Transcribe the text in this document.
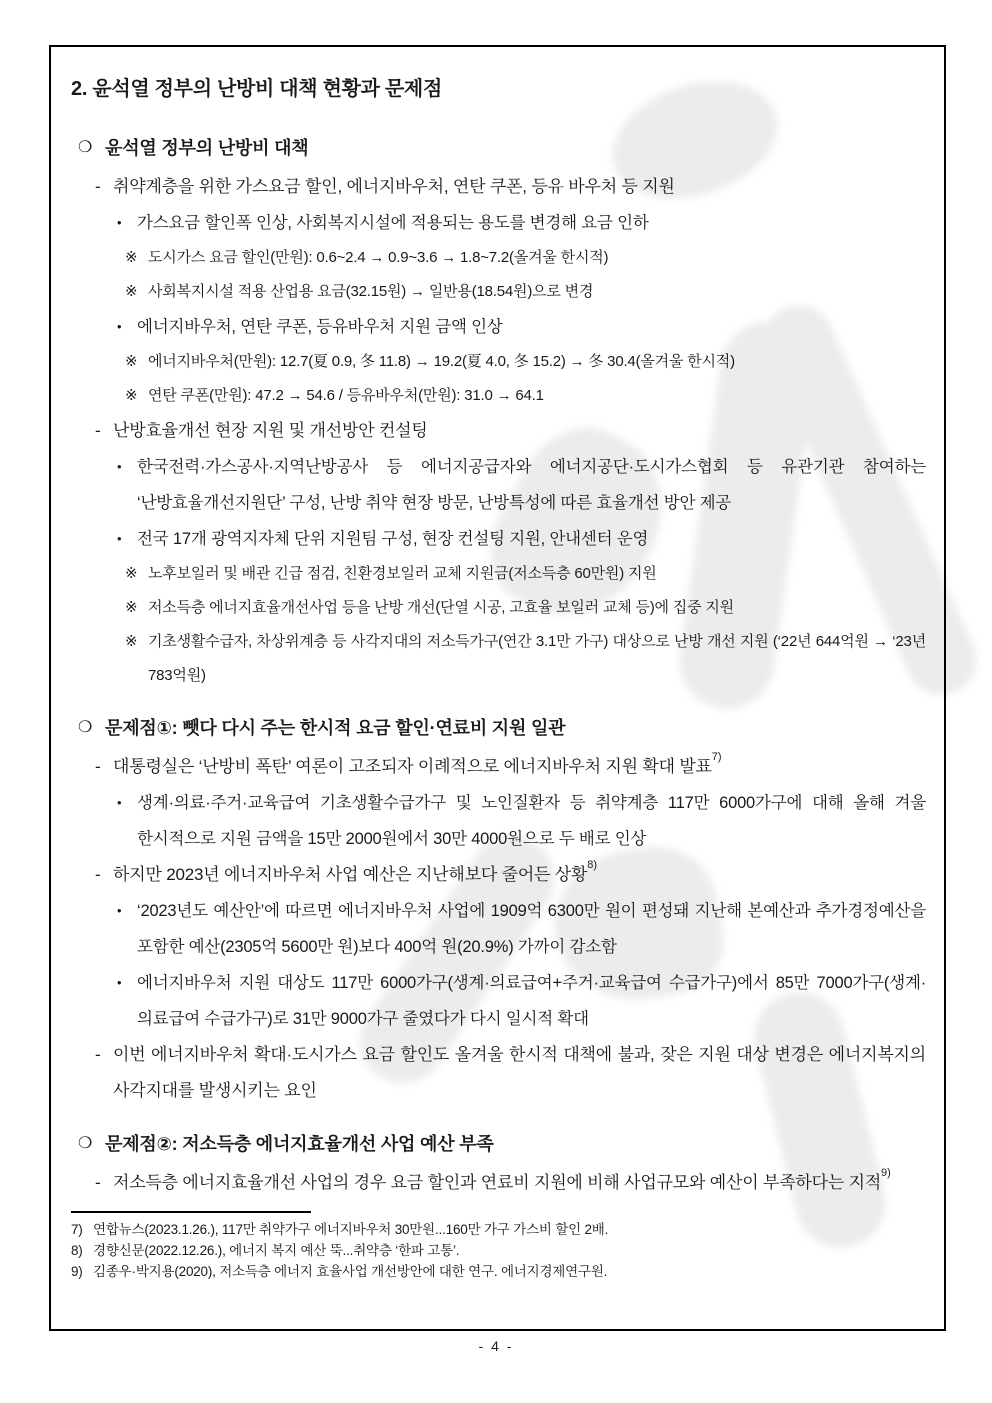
2. 윤석열 정부의 난방비 대책 현황과 문제점
❍ 윤석열 정부의 난방비 대책
- 취약계층을 위한 가스요금 할인, 에너지바우처, 연탄 쿠폰, 등유 바우처 등 지원
• 가스요금 할인폭 인상, 사회복지시설에 적용되는 용도를 변경해 요금 인하
※ 도시가스 요금 할인(만원): 0.6~2.4 → 0.9~3.6 → 1.8~7.2(올겨울 한시적)
※ 사회복지시설 적용 산업용 요금(32.15원) → 일반용(18.54원)으로 변경
• 에너지바우처, 연탄 쿠폰, 등유바우처 지원 금액 인상
※ 에너지바우처(만원): 12.7(夏 0.9, 冬 11.8) → 19.2(夏 4.0, 冬 15.2) → 冬 30.4(올겨울 한시적)
※ 연탄 쿠폰(만원): 47.2 → 54.6 / 등유바우처(만원): 31.0 → 64.1
- 난방효율개선 현장 지원 및 개선방안 컨설팅
• 한국전력·가스공사·지역난방공사 등 에너지공급자와 에너지공단·도시가스협회 등 유관기관 참여하는 ‘난방효율개선지원단’ 구성, 난방 취약 현장 방문, 난방특성에 따른 효율개선 방안 제공
• 전국 17개 광역지자체 단위 지원팀 구성, 현장 컨설팅 지원, 안내센터 운영
※ 노후보일러 및 배관 긴급 점검, 친환경보일러 교체 지원금(저소득층 60만원) 지원
※ 저소득층 에너지효율개선사업 등을 난방 개선(단열 시공, 고효율 보일러 교체 등)에 집중 지원
※ 기초생활수급자, 차상위계층 등 사각지대의 저소득가구(연간 3.1만 가구) 대상으로 난방 개선 지원 (‘22년 644억원 → ‘23년 783억원)
❍ 문제점①: 뺏다 다시 주는 한시적 요금 할인·연료비 지원 일관
- 대통령실은 ‘난방비 폭탄’ 여론이 고조되자 이례적으로 에너지바우처 지원 확대 발표$^{7)}$
• 생계·의료·주거·교육급여 기초생활수급가구 및 노인질환자 등 취약계층 117만 6000가구에 대해 올해 겨울 한시적으로 지원 금액을 15만 2000원에서 30만 4000원으로 두 배로 인상
- 하지만 2023년 에너지바우처 사업 예산은 지난해보다 줄어든 상황$^{8)}$
• ‘2023년도 예산안’에 따르면 에너지바우처 사업에 1909억 6300만 원이 편성돼 지난해 본예산과 추가경정예산을 포함한 예산(2305억 5600만 원)보다 400억 원(20.9%) 가까이 감소함
• 에너지바우처 지원 대상도 117만 6000가구(생계·의료급여+주거·교육급여 수급가구)에서 85만 7000가구(생계·의료급여 수급가구)로 31만 9000가구 줄였다가 다시 일시적 확대
- 이번 에너지바우처 확대·도시가스 요금 할인도 올겨울 한시적 대책에 불과, 잦은 지원 대상 변경은 에너지복지의 사각지대를 발생시키는 요인
❍ 문제점②: 저소득층 에너지효율개선 사업 예산 부족
- 저소득층 에너지효율개선 사업의 경우 요금 할인과 연료비 지원에 비해 사업규모와 예산이 부족하다는 지적$^{9)}$
7) 연합뉴스(2023.1.26.), 117만 취약가구 에너지바우처 30만원...160만 가구 가스비 할인 2배.
8) 경향신문(2022.12.26.), 에너지 복지 예산 뚝...취약층 ‘한파 고통’.
9) 김종우·박지용(2020), 저소득층 에너지 효율사업 개선방안에 대한 연구. 에너지경제연구원.
- 4 -
